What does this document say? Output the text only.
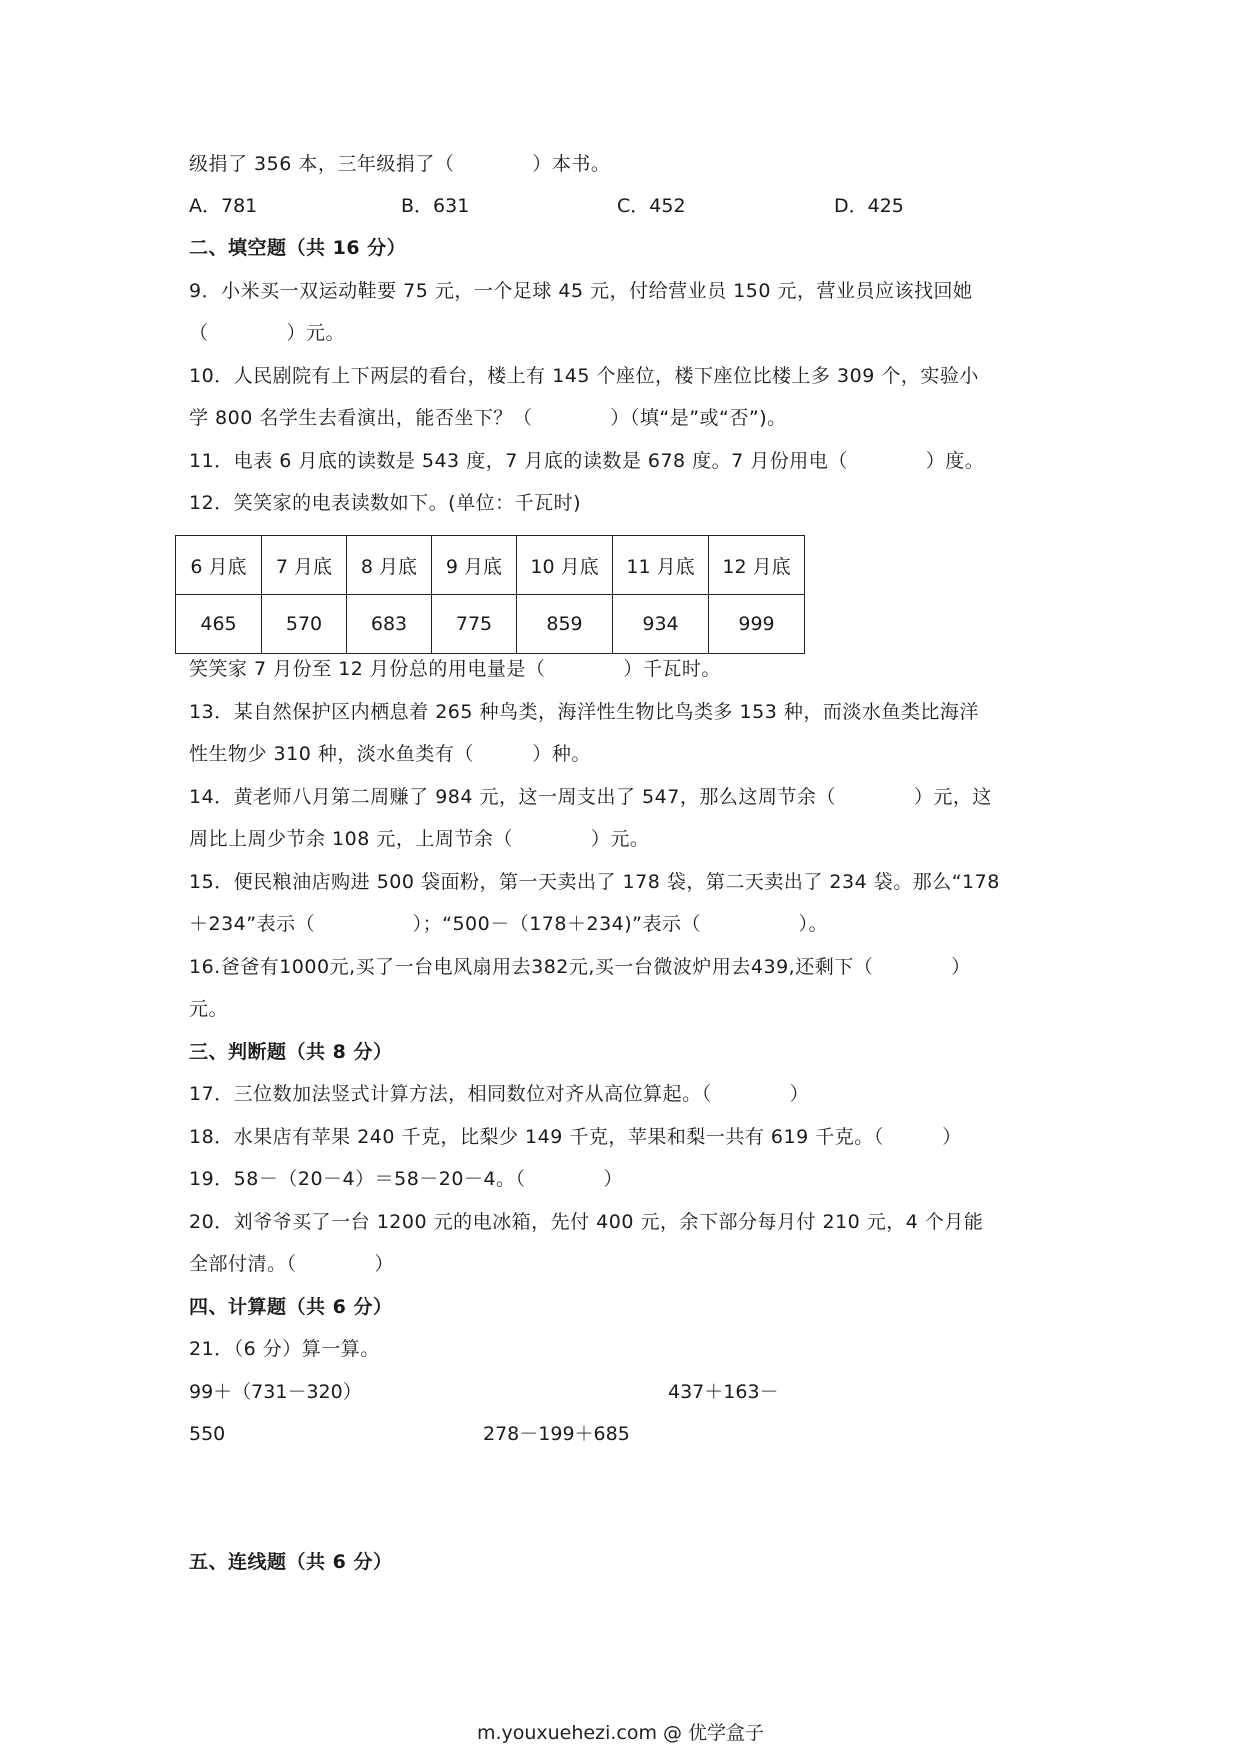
级捐了 356 本，三年级捐了（　　　　）本书。
A．781	B．631	C．452	D．425
二、填空题（共 16 分）
9．小米买一双运动鞋要 75 元，一个足球 45 元，付给营业员 150 元，营业员应该找回她
（　　　　）元。
10．人民剧院有上下两层的看台，楼上有 145 个座位，楼下座位比楼上多 309 个，实验小
学 800 名学生去看演出，能否坐下？（　　　　）（填“是”或“否”)。
11．电表 6 月底的读数是 543 度，7 月底的读数是 678 度。7 月份用电（　　　　）度。
12．笑笑家的电表读数如下。(单位：千瓦时)
6 月底	7 月底	8 月底	9 月底	10 月底	11 月底	12 月底
465	570	683	775	859	934	999
笑笑家 7 月份至 12 月份总的用电量是（　　　　）千瓦时。
13．某自然保护区内栖息着 265 种鸟类，海洋性生物比鸟类多 153 种，而淡水鱼类比海洋
性生物少 310 种，淡水鱼类有（　　　）种。
14．黄老师八月第二周赚了 984 元，这一周支出了 547，那么这周节余（　　　　）元，这
周比上周少节余 108 元，上周节余（　　　　）元。
15．便民粮油店购进 500 袋面粉，第一天卖出了 178 袋，第二天卖出了 234 袋。那么“178
＋234”表示（　　　　　）；“500－（178＋234)”表示（　　　　　）。
16.爸爸有1000元,买了一台电风扇用去382元,买一台微波炉用去439,还剩下（　　　　）
元。
三、判断题（共 8 分）
17．三位数加法竖式计算方法，相同数位对齐从高位算起。（　　　　）
18．水果店有苹果 240 千克，比梨少 149 千克，苹果和梨一共有 619 千克。（　　　）
19．58－（20－4）＝58－20－4。（　　　　）
20．刘爷爷买了一台 1200 元的电冰箱，先付 400 元，余下部分每月付 210 元，4 个月能
全部付清。（　　　　）
四、计算题（共 6 分）
21．（6 分）算一算。
99＋（731－320）	437＋163－
550	278－199＋685
五、连线题（共 6 分）
m.youxuehezi.com @ 优学盒子
